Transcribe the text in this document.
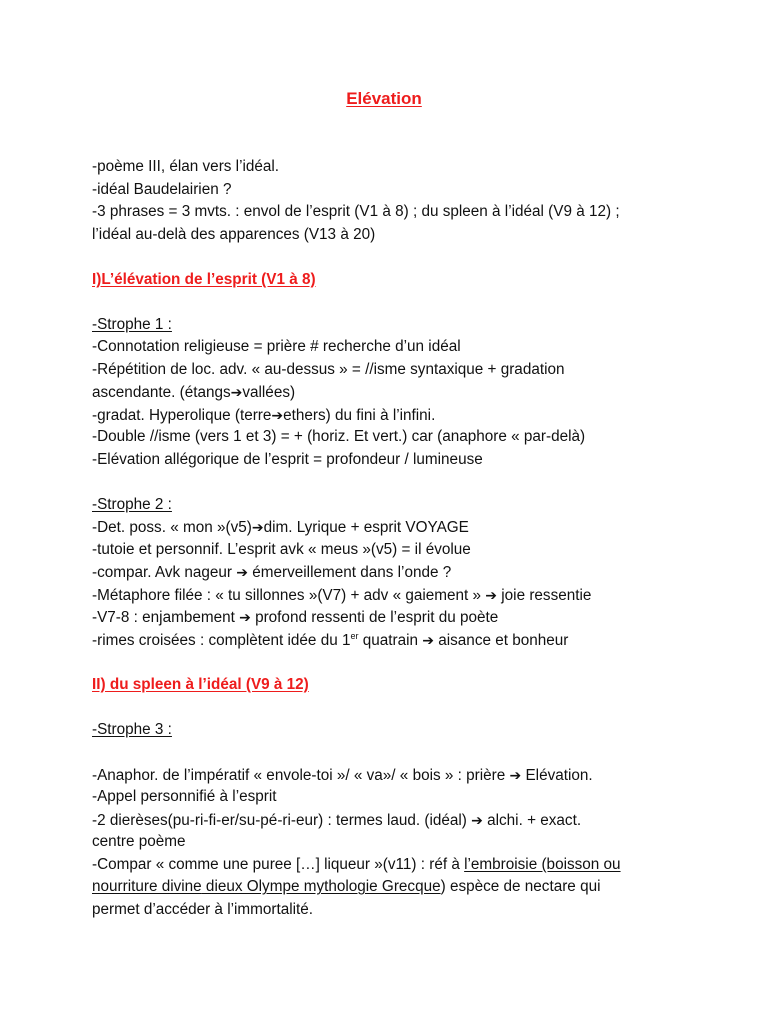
Elévation
-poème III, élan vers l’idéal.
-idéal Baudelairien ?
-3 phrases = 3 mvts. : envol de l’esprit (V1 à 8) ; du spleen à l’idéal (V9 à 12) ;
l’idéal au-delà des apparences (V13 à 20)
I)L’élévation de l’esprit (V1 à 8)
-Strophe 1 :
-Connotation religieuse = prière # recherche d’un idéal
-Répétition de loc. adv. « au-dessus » = //isme syntaxique + gradation
ascendante. (étangs➔vallées)
-gradat. Hyperolique (terre➔ethers) du fini à l’infini.
-Double //isme (vers 1 et 3) = + (horiz. Et vert.) car (anaphore « par-delà)
-Elévation allégorique de l’esprit = profondeur / lumineuse
-Strophe 2 :
-Det. poss. « mon »(v5)➔dim. Lyrique + esprit VOYAGE
-tutoie et personnif. L’esprit avk « meus »(v5) = il évolue
-compar. Avk nageur ➔ émerveillement dans l’onde ?
-Métaphore filée : « tu sillonnes »(V7) + adv « gaiement » ➔ joie ressentie
-V7-8 : enjambement ➔ profond ressenti de l’esprit du poète
-rimes croisées : complètent idée du 1er quatrain ➔ aisance et bonheur
II) du spleen à l’idéal (V9 à 12)
-Strophe 3 :
-Anaphor. de l’impératif « envole-toi »/ « va»/ « bois » : prière ➔ Elévation.
-Appel personnifié à l’esprit
-2 dierèses(pu-ri-fi-er/su-pé-ri-eur) : termes laud. (idéal) ➔ alchi. + exact.
centre poème
-Compar « comme une puree […] liqueur »(v11) : réf à l’embroisie (boisson ou
nourriture divine dieux Olympe mythologie Grecque) espèce de nectare qui
permet d’accéder à l’immortalité.
